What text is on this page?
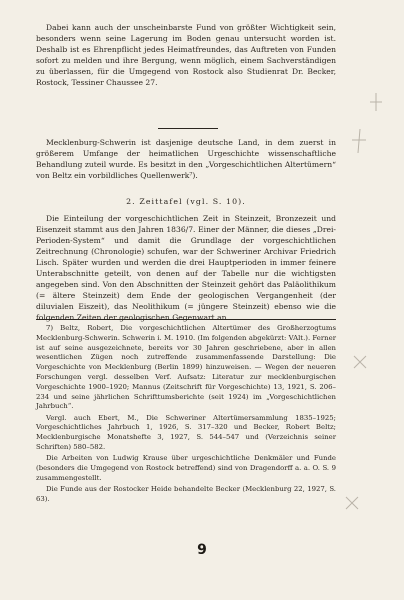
Dabei kann auch der unscheinbarste Fund von größter Wichtigkeit sein, besonders wenn seine Lagerung im Boden genau untersucht worden ist. Deshalb ist es Ehrenpflicht jedes Heimatfreundes, das Auftreten von Funden sofort zu melden und ihre Bergung, wenn möglich, einem Sachverständigen zu überlassen, für die Umgegend von Rostock also Studienrat Dr. Becker, Rostock, Tessiner Chaussee 27.

Mecklenburg-Schwerin ist dasjenige deutsche Land, in dem zuerst in größerem Umfange der heimatlichen Urgeschichte wissenschaftliche Behandlung zuteil wurde. Es besitzt in den „Vorgeschichtlichen Altertümern“ von Beltz ein vorbildliches Quellenwerk⁷).

2. Zeittafel (vgl. S. 10).

Die Einteilung der vorgeschichtlichen Zeit in Steinzeit, Bronzezeit und Eisenzeit stammt aus den Jahren 1836/7. Einer der Männer, die dieses „Drei-Perioden-System“ und damit die Grundlage der vorgeschichtlichen Zeitrechnung (Chronologie) schufen, war der Schweriner Archivar Friedrich Lisch. Später wurden und werden die drei Hauptperioden in immer feinere Unterabschnitte geteilt, von denen auf der Tabelle nur die wichtigsten angegeben sind. Von den Abschnitten der Steinzeit gehört das Paläolithikum (= ältere Steinzeit) dem Ende der geologischen Vergangenheit (der diluvialen Eiszeit), das Neolithikum (= jüngere Steinzeit) ebenso wie die folgenden Zeiten der geologischen Gegenwart an.

7) Beltz, Robert, Die vorgeschichtlichen Altertümer des Großherzogtums Mecklenburg-Schwerin. Schwerin i. M. 1910. (Im folgenden abgekürzt: VAlt.). Ferner ist auf seine ausgezeichnete, bereits vor 30 Jahren geschriebene, aber in allen wesentlichen Zügen noch zutreffende zusammenfassende Darstellung: Die Vorgeschichte von Mecklenburg (Berlin 1899) hinzuweisen. — Wegen der neueren Forschungen vergl. desselben Verf. Aufsatz: Literatur zur mecklenburgischen Vorgeschichte 1900–1920; Mannus (Zeitschrift für Vorgeschichte) 13, 1921, S. 206–234 und seine jährlichen Schrifttumsberichte (seit 1924) im „Vorgeschichtlichen Jahrbuch“.

Vergl. auch Ebert, M., Die Schweriner Altertümersammlung 1835–1925; Vorgeschichtliches Jahrbuch 1, 1926, S. 317–320 und Becker, Robert Beltz; Mecklenburgische Monatshefte 3, 1927, S. 544–547 und (Verzeichnis seiner Schriften) 580–582.

Die Arbeiten von Ludwig Krause über urgeschichtliche Denkmäler und Funde (besonders die Umgegend von Rostock betreffend) sind von Dragendorff a. a. O. S. 9 zusammengestellt.

Die Funde aus der Rostocker Heide behandelte Becker (Mecklenburg 22, 1927, S. 63).

9
